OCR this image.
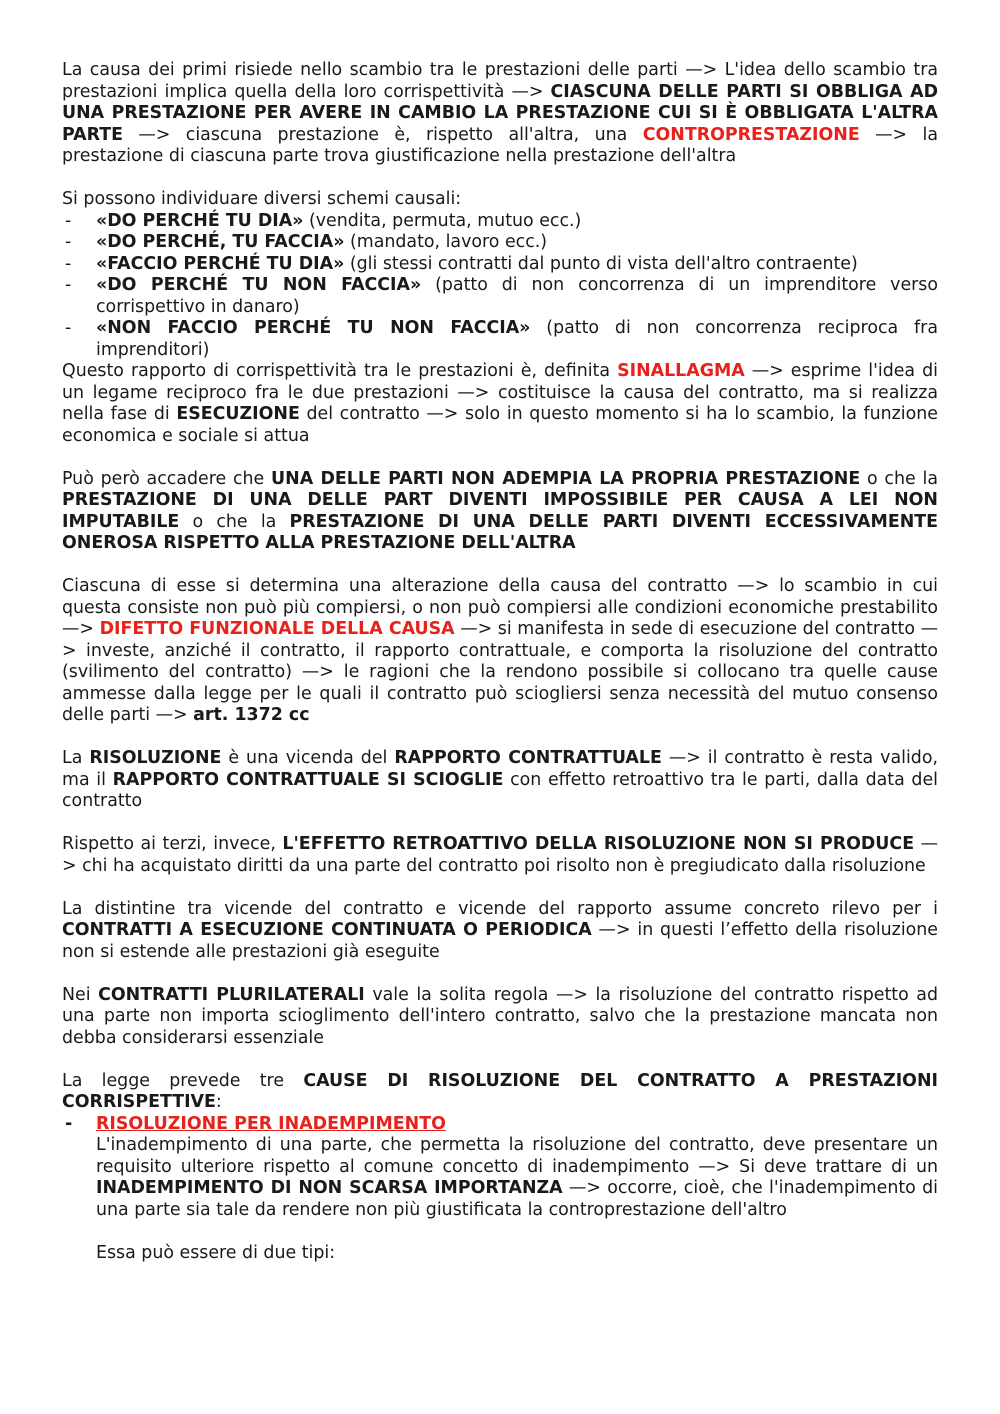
La causa dei primi risiede nello scambio tra le prestazioni delle parti —> L'idea dello scambio tra prestazioni implica quella della loro corrispettività —> CIASCUNA DELLE PARTI SI OBBLIGA AD UNA PRESTAZIONE PER AVERE IN CAMBIO LA PRESTAZIONE CUI SI È OBBLIGATA L'ALTRA PARTE —> ciascuna prestazione è, rispetto all'altra, una CONTROPRESTAZIONE —> la prestazione di ciascuna parte trova giustificazione nella prestazione dell'altra

Si possono individuare diversi schemi causali:

- «DO PERCHÉ TU DIA» (vendita, permuta, mutuo ecc.)
- «DO PERCHÉ, TU FACCIA» (mandato, lavoro ecc.)
- «FACCIO PERCHÉ TU DIA» (gli stessi contratti dal punto di vista dell'altro contraente)
- «DO PERCHÉ TU NON FACCIA» (patto di non concorrenza di un imprenditore verso corrispettivo in danaro)
- «NON FACCIO PERCHÉ TU NON FACCIA» (patto di non concorrenza reciproca fra imprenditori)

Questo rapporto di corrispettività tra le prestazioni è, definita SINALLAGMA —> esprime l'idea di un legame reciproco fra le due prestazioni —> costituisce la causa del contratto, ma si realizza nella fase di ESECUZIONE del contratto —> solo in questo momento si ha lo scambio, la funzione economica e sociale si attua

Può però accadere che UNA DELLE PARTI NON ADEMPIA LA PROPRIA PRESTAZIONE o che la PRESTAZIONE DI UNA DELLE PART DIVENTI IMPOSSIBILE PER CAUSA A LEI NON IMPUTABILE o che la PRESTAZIONE DI UNA DELLE PARTI DIVENTI ECCESSIVAMENTE ONEROSA RISPETTO ALLA PRESTAZIONE DELL'ALTRA

Ciascuna di esse si determina una alterazione della causa del contratto —> lo scambio in cui questa consiste non può più compiersi, o non può compiersi alle condizioni economiche prestabilito —> DIFETTO FUNZIONALE DELLA CAUSA —> si manifesta in sede di esecuzione del contratto —> investe, anziché il contratto, il rapporto contrattuale, e comporta la risoluzione del contratto (svilimento del contratto) —> le ragioni che la rendono possibile si collocano tra quelle cause ammesse dalla legge per le quali il contratto può sciogliersi senza necessità del mutuo consenso delle parti —> art. 1372 cc

La RISOLUZIONE è una vicenda del RAPPORTO CONTRATTUALE —> il contratto è resta valido, ma il RAPPORTO CONTRATTUALE SI SCIOGLIE con effetto retroattivo tra le parti, dalla data del contratto

Rispetto ai terzi, invece, L'EFFETTO RETROATTIVO DELLA RISOLUZIONE NON SI PRODUCE —> chi ha acquistato diritti da una parte del contratto poi risolto non è pregiudicato dalla risoluzione

La distintine tra vicende del contratto e vicende del rapporto assume concreto rilevo per i CONTRATTI A ESECUZIONE CONTINUATA O PERIODICA —> in questi l’effetto della risoluzione non si estende alle prestazioni già eseguite

Nei CONTRATTI PLURILATERALI vale la solita regola —> la risoluzione del contratto rispetto ad una parte non importa scioglimento dell'intero contratto, salvo che la prestazione mancata non debba considerarsi essenziale

La legge prevede tre CAUSE DI RISOLUZIONE DEL CONTRATTO A PRESTAZIONI CORRISPETTIVE:

- RISOLUZIONE PER INADEMPIMENTO

L'inadempimento di una parte, che permetta la risoluzione del contratto, deve presentare un requisito ulteriore rispetto al comune concetto di inadempimento —> Si deve trattare di un INADEMPIMENTO DI NON SCARSA IMPORTANZA —> occorre, cioè, che l'inadempimento di una parte sia tale da rendere non più giustificata la controprestazione dell'altro

Essa può essere di due tipi:
